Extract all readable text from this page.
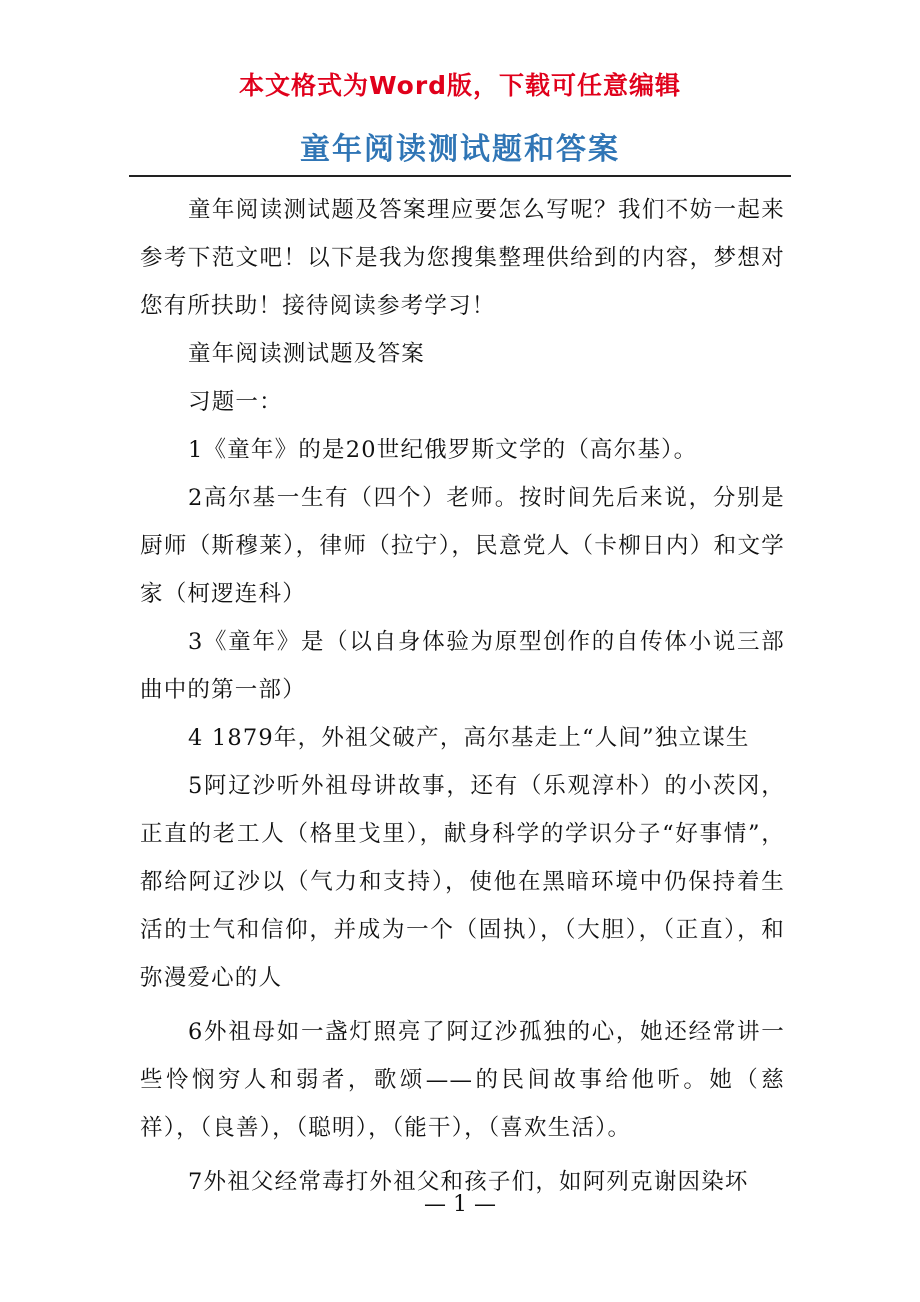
本文格式为Word版，下载可任意编辑
童年阅读测试题和答案

童年阅读测试题及答案理应要怎么写呢？我们不妨一起来参考下范文吧！以下是我为您搜集整理供给到的内容，梦想对您有所扶助！接待阅读参考学习！

童年阅读测试题及答案

习题一：

1《童年》的是20世纪俄罗斯文学的（高尔基）。

2高尔基一生有（四个）老师。按时间先后来说，分别是厨师（斯穆莱），律师（拉宁），民意党人（卡柳日内）和文学家（柯逻连科）

3《童年》是（以自身体验为原型创作的自传体小说三部曲中的第一部）

4 1879年，外祖父破产，高尔基走上“人间”独立谋生

5阿辽沙听外祖母讲故事，还有（乐观淳朴）的小茨冈，正直的老工人（格里戈里），献身科学的学识分子“好事情”，都给阿辽沙以（气力和支持），使他在黑暗环境中仍保持着生活的士气和信仰，并成为一个（固执），（大胆），（正直），和弥漫爱心的人

6外祖母如一盏灯照亮了阿辽沙孤独的心，她还经常讲一些怜悯穷人和弱者，歌颂——的民间故事给他听。她（慈祥），（良善），（聪明），（能干），（喜欢生活）。

7外祖父经常毒打外祖父和孩子们，如阿列克谢因染坏

— 1 —
